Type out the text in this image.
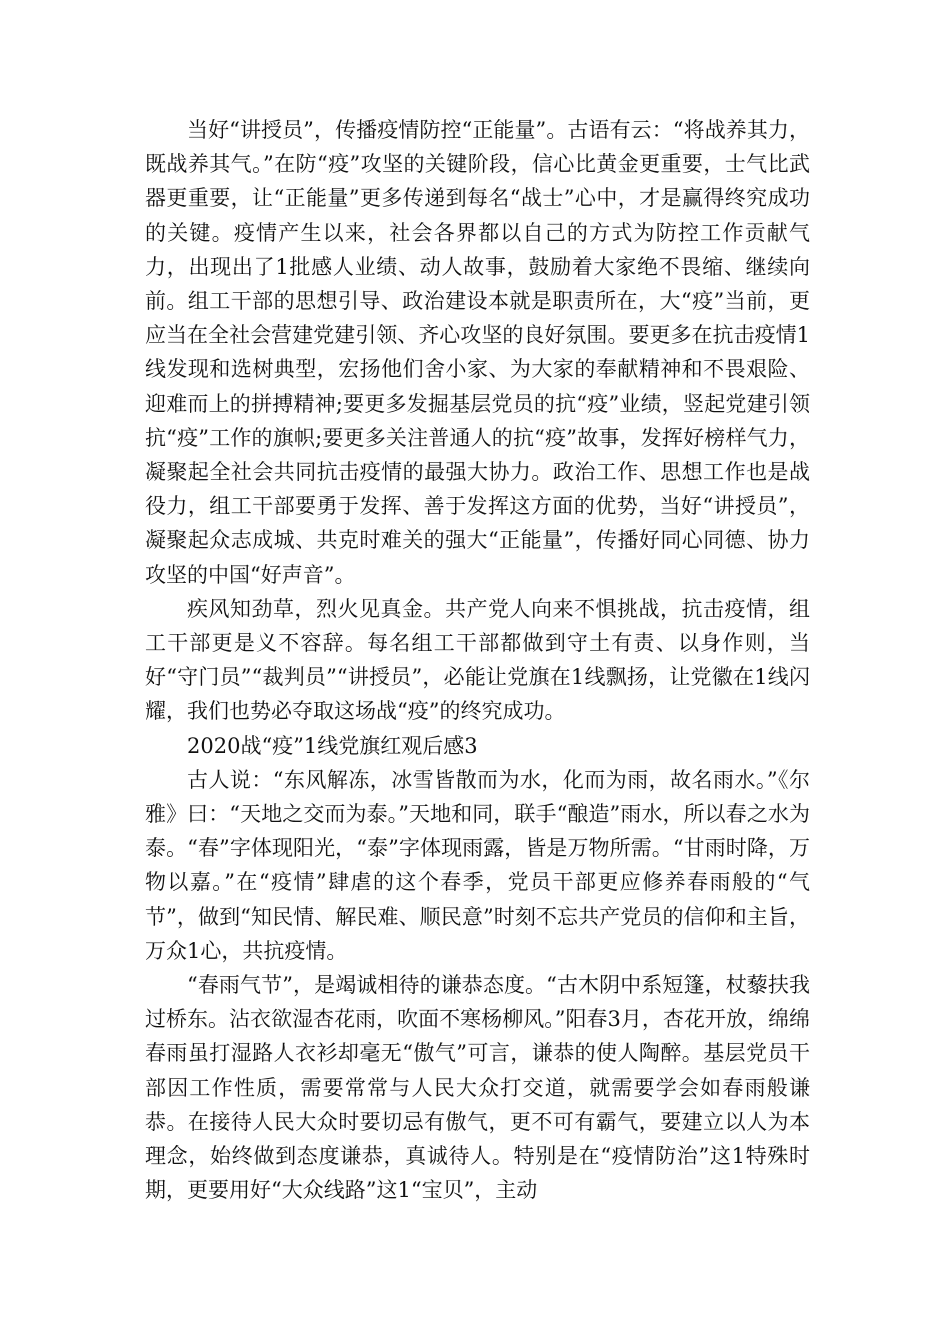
当好“讲授员”，传播疫情防控“正能量”。古语有云：“将战养其力，既战养其气。”在防“疫”攻坚的关键阶段，信心比黄金更重要，士气比武器更重要，让“正能量”更多传递到每名“战士”心中，才是赢得终究成功的关键。疫情产生以来，社会各界都以自己的方式为防控工作贡献气力，出现出了1批感人业绩、动人故事，鼓励着大家绝不畏缩、继续向前。组工干部的思想引导、政治建设本就是职责所在，大“疫”当前，更应当在全社会营建党建引领、齐心攻坚的良好氛围。要更多在抗击疫情1线发现和选树典型，宏扬他们舍小家、为大家的奉献精神和不畏艰险、迎难而上的拼搏精神;要更多发掘基层党员的抗“疫”业绩，竖起党建引领抗“疫”工作的旗帜;要更多关注普通人的抗“疫”故事，发挥好榜样气力，凝聚起全社会共同抗击疫情的最强大协力。政治工作、思想工作也是战役力，组工干部要勇于发挥、善于发挥这方面的优势，当好“讲授员”，凝聚起众志成城、共克时难关的强大“正能量”，传播好同心同德、协力攻坚的中国“好声音”。

疾风知劲草，烈火见真金。共产党人向来不惧挑战，抗击疫情，组工干部更是义不容辞。每名组工干部都做到守土有责、以身作则，当好“守门员”“裁判员”“讲授员”，必能让党旗在1线飘扬，让党徽在1线闪耀，我们也势必夺取这场战“疫”的终究成功。

2020战“疫”1线党旗红观后感3

古人说：“东风解冻，冰雪皆散而为水，化而为雨，故名雨水。”《尔雅》曰：“天地之交而为泰。”天地和同，联手“酿造”雨水，所以春之水为泰。“春”字体现阳光，“泰”字体现雨露，皆是万物所需。“甘雨时降，万物以嘉。”在“疫情”肆虐的这个春季，党员干部更应修养春雨般的“气节”，做到“知民情、解民难、顺民意”时刻不忘共产党员的信仰和主旨，万众1心，共抗疫情。

“春雨气节”，是竭诚相待的谦恭态度。“古木阴中系短篷，杖藜扶我过桥东。沾衣欲湿杏花雨，吹面不寒杨柳风。”阳春3月，杏花开放，绵绵春雨虽打湿路人衣衫却毫无“傲气”可言，谦恭的使人陶醉。基层党员干部因工作性质，需要常常与人民大众打交道，就需要学会如春雨般谦恭。在接待人民大众时要切忌有傲气，更不可有霸气，要建立以人为本理念，始终做到态度谦恭，真诚待人。特别是在“疫情防治”这1特殊时期，更要用好“大众线路”这1“宝贝”，主动
